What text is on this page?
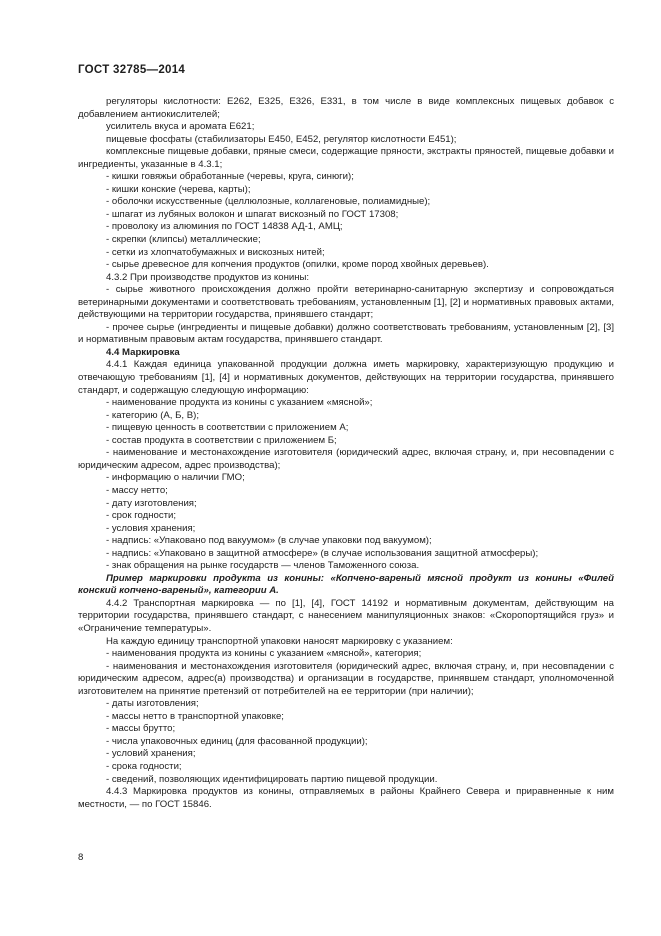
ГОСТ 32785—2014

регуляторы кислотности: Е262, Е325, Е326, Е331, в том числе в виде комплексных пищевых добавок с добавлением антиокислителей;

усилитель вкуса и аромата Е621;

пищевые фосфаты (стабилизаторы Е450, Е452, регулятор кислотности Е451);

комплексные пищевые добавки, пряные смеси, содержащие пряности, экстракты пряностей, пищевые добавки и ингредиенты, указанные в 4.3.1;

- кишки говяжьи обработанные (черевы, круга, синюги);

- кишки конские (черева, карты);

- оболочки искусственные (целлюлозные, коллагеновые, полиамидные);

- шпагат из лубяных волокон и шпагат вискозный по ГОСТ 17308;

- проволоку из алюминия по ГОСТ 14838 АД-1, АМЦ;

- скрепки (клипсы) металлические;

- сетки из хлопчатобумажных и вискозных нитей;

- сырье древесное для копчения продуктов (опилки, кроме пород хвойных деревьев).

4.3.2 При производстве продуктов из конины:

- сырье животного происхождения должно пройти ветеринарно-санитарную экспертизу и сопровождаться ветеринарными документами и соответствовать требованиям, установленным [1], [2] и нормативных правовых актами, действующими на территории государства, принявшего стандарт;

- прочее сырье (ингредиенты и пищевые добавки) должно соответствовать требованиям, установленным [2], [3] и нормативным правовым актам государства, принявшего стандарт.

4.4 Маркировка

4.4.1 Каждая единица упакованной продукции должна иметь маркировку, характеризующую продукцию и отвечающую требованиям [1], [4] и нормативных документов, действующих на территории государства, принявшего стандарт, и содержащую следующую информацию:

- наименование продукта из конины с указанием «мясной»;

- категорию (А, Б, В);

- пищевую ценность в соответствии с приложением А;

- состав продукта в соответствии с приложением Б;

- наименование и местонахождение изготовителя (юридический адрес, включая страну, и, при несовпадении с юридическим адресом, адрес производства);

- информацию о наличии ГМО;

- массу нетто;

- дату изготовления;

- срок годности;

- условия хранения;

- надпись: «Упаковано под вакуумом» (в случае упаковки под вакуумом);

- надпись: «Упаковано в защитной атмосфере» (в случае использования защитной атмосферы);

- знак обращения на рынке государств — членов Таможенного союза.

Пример маркировки продукта из конины: «Копчено-вареный мясной продукт из конины «Филей конский копчено-вареный», категории А.

4.4.2 Транспортная маркировка — по [1], [4], ГОСТ 14192 и нормативным документам, действующим на территории государства, принявшего стандарт, с нанесением манипуляционных знаков: «Скоропортящийся груз» и «Ограничение температуры».

На каждую единицу транспортной упаковки наносят маркировку с указанием:

- наименования продукта из конины с указанием «мясной», категория;

- наименования и местонахождения изготовителя (юридический адрес, включая страну, и, при несовпадении с юридическим адресом, адрес(а) производства) и организации в государстве, принявшем стандарт, уполномоченной изготовителем на принятие претензий от потребителей на ее территории (при наличии);

- даты изготовления;

- массы нетто в транспортной упаковке;

- массы брутто;

- числа упаковочных единиц (для фасованной продукции);

- условий хранения;

- срока годности;

- сведений, позволяющих идентифицировать партию пищевой продукции.

4.4.3 Маркировка продуктов из конины, отправляемых в районы Крайнего Севера и приравненные к ним местности, — по ГОСТ 15846.

8
